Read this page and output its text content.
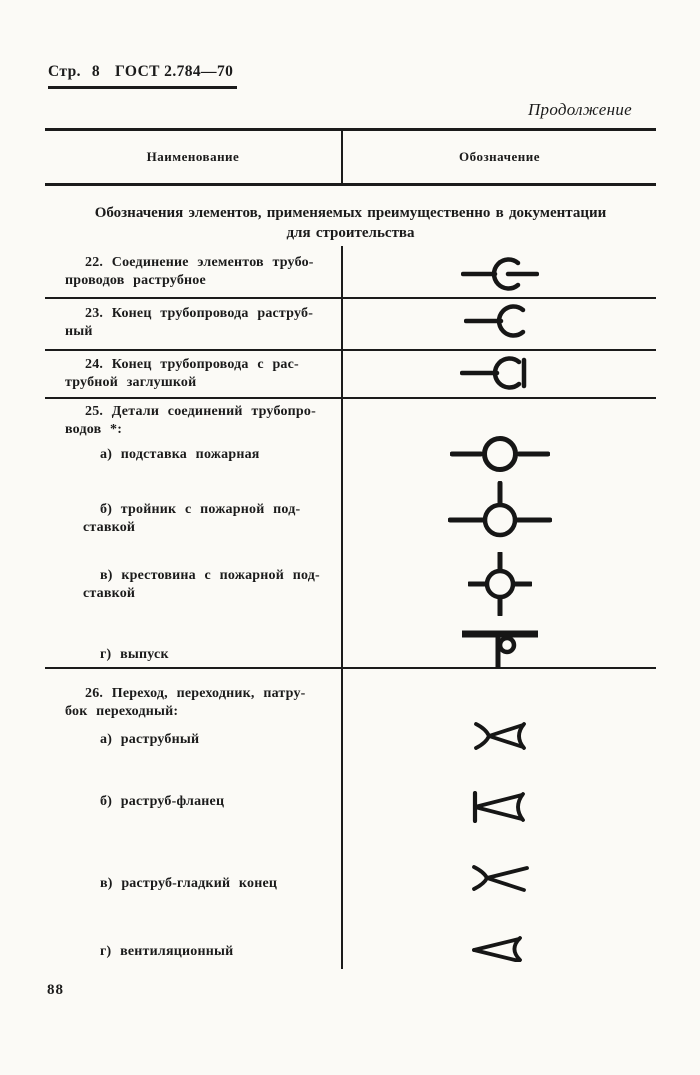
Стр. 8 ГОСТ 2.784—70
Продолжение
Наименование	Обозначение
Обозначения элементов, применяемых преимущественно в документации
для строительства
22. Соединение элементов трубо-
проводов раструбное
23. Конец трубопровода раструб-
ный
24. Конец трубопровода с рас-
трубной заглушкой
25. Детали соединений трубопро-
водов *:
а) подставка пожарная
б) тройник с пожарной под-
ставкой
в) крестовина с пожарной под-
ставкой
г) выпуск
26. Переход, переходник, патру-
бок переходный:
а) раструбный
б) раструб-фланец
в) раструб-гладкий конец
г) вентиляционный
88
